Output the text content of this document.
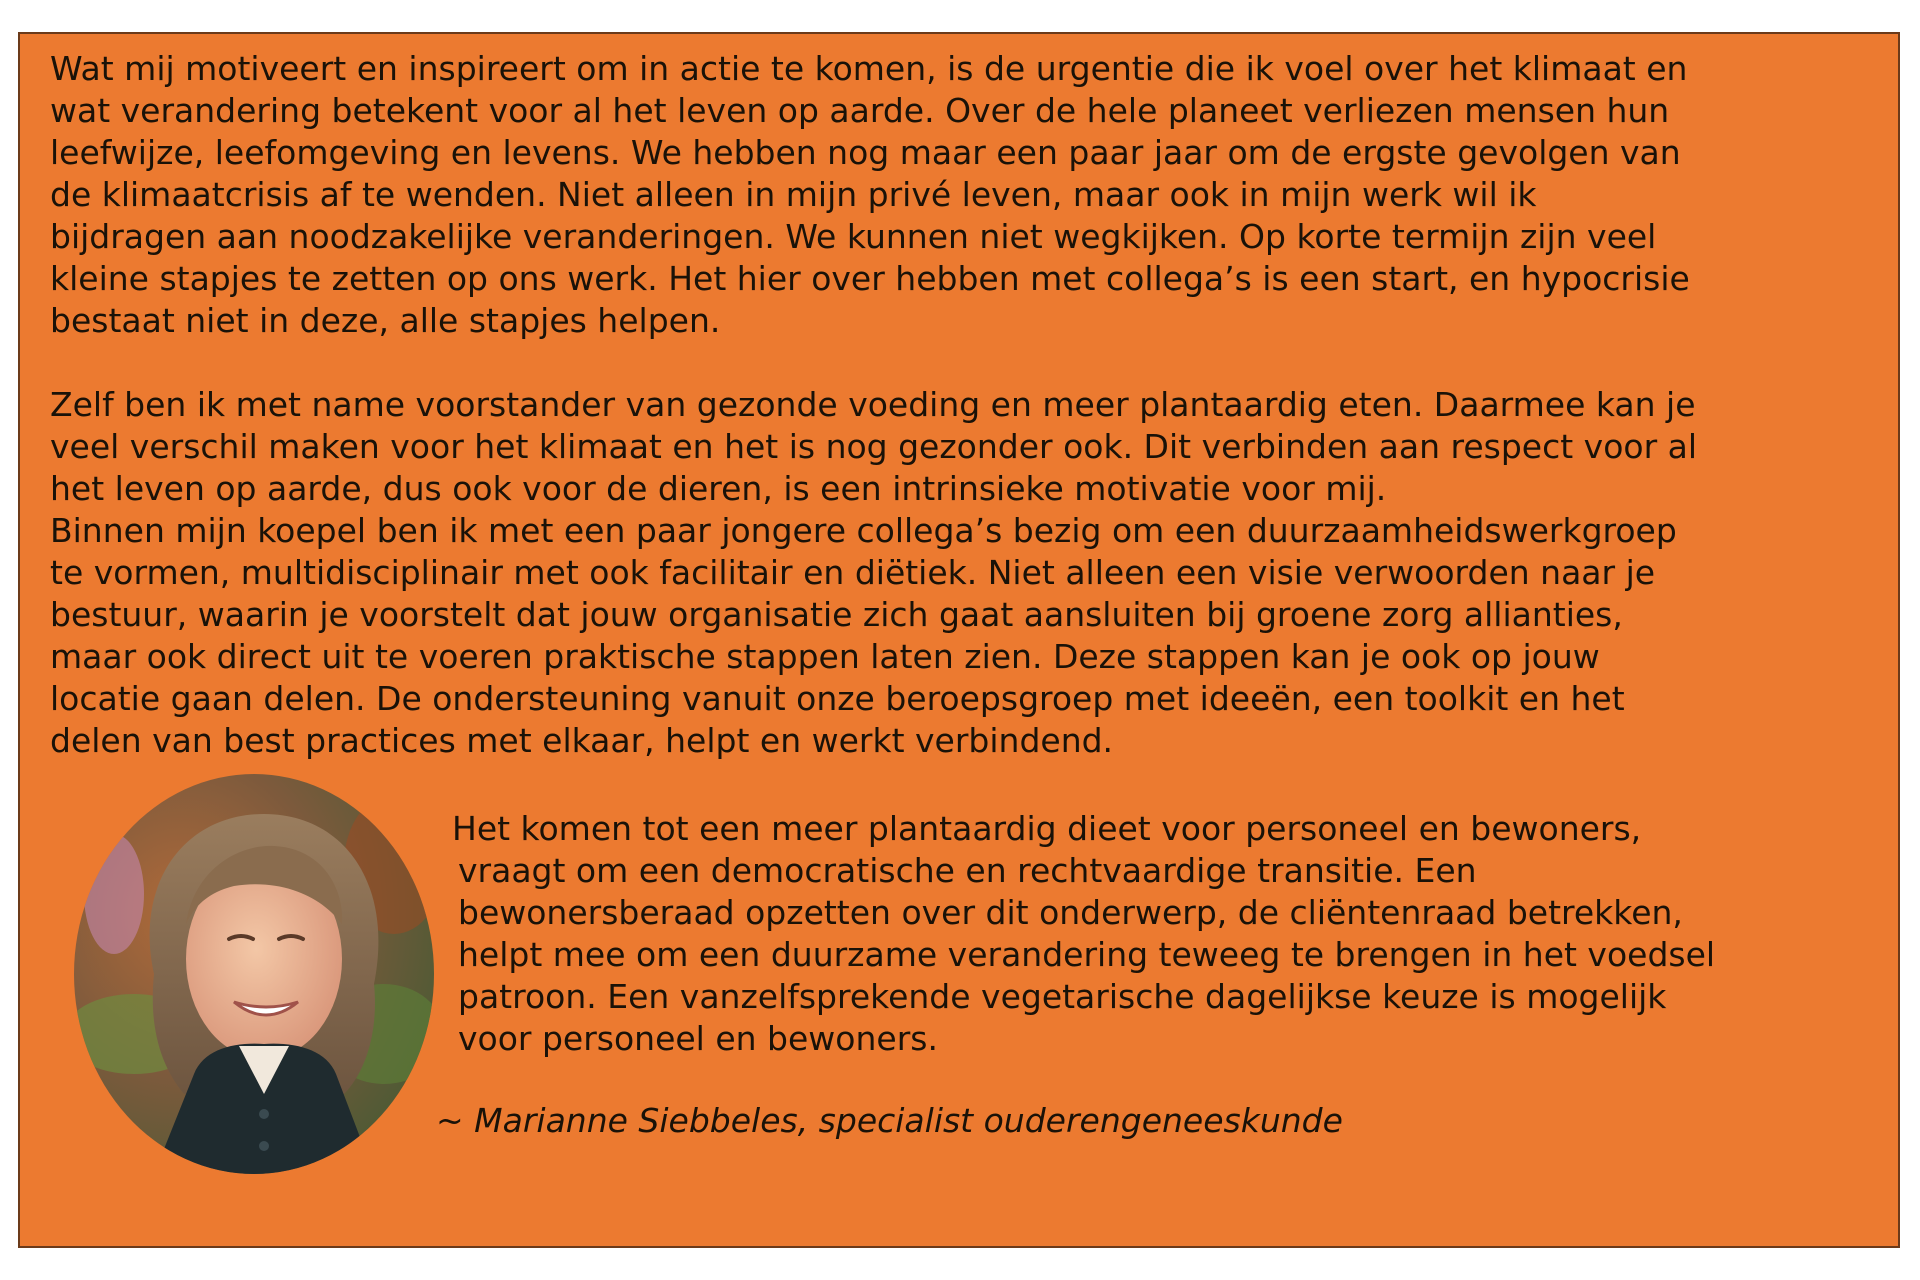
Wat mij motiveert en inspireert om in actie te komen, is de urgentie die ik voel over het klimaat en
wat verandering betekent voor al het leven op aarde. Over de hele planeet verliezen mensen hun
leefwijze, leefomgeving en levens. We hebben nog maar een paar jaar om de ergste gevolgen van
de klimaatcrisis af te wenden. Niet alleen in mijn privé leven, maar ook in mijn werk wil ik
bijdragen aan noodzakelijke veranderingen. We kunnen niet wegkijken. Op korte termijn zijn veel
kleine stapjes te zetten op ons werk. Het hier over hebben met collega’s is een start, en hypocrisie
bestaat niet in deze, alle stapjes helpen.

Zelf ben ik met name voorstander van gezonde voeding en meer plantaardig eten. Daarmee kan je
veel verschil maken voor het klimaat en het is nog gezonder ook. Dit verbinden aan respect voor al
het leven op aarde, dus ook voor de dieren, is een intrinsieke motivatie voor mij.

Binnen mijn koepel ben ik met een paar jongere collega’s bezig om een duurzaamheidswerkgroep
te vormen, multidisciplinair met ook facilitair en diëtiek. Niet alleen een visie verwoorden naar je
bestuur, waarin je voorstelt dat jouw organisatie zich gaat aansluiten bij groene zorg allianties,
maar ook direct uit te voeren praktische stappen laten zien. Deze stappen kan je ook op jouw
locatie gaan delen. De ondersteuning vanuit onze beroepsgroep met ideeën, een toolkit en het
delen van best practices met elkaar, helpt en werkt verbindend.

Het komen tot een meer plantaardig dieet voor personeel en bewoners,
vraagt om een democratische en rechtvaardige transitie. Een
bewonersberaad opzetten over dit onderwerp, de cliëntenraad betrekken,
helpt mee om een duurzame verandering teweeg te brengen in het voedsel
patroon. Een vanzelfsprekende vegetarische dagelijkse keuze is mogelijk
voor personeel en bewoners.

~ Marianne Siebbeles, specialist ouderengeneeskunde
